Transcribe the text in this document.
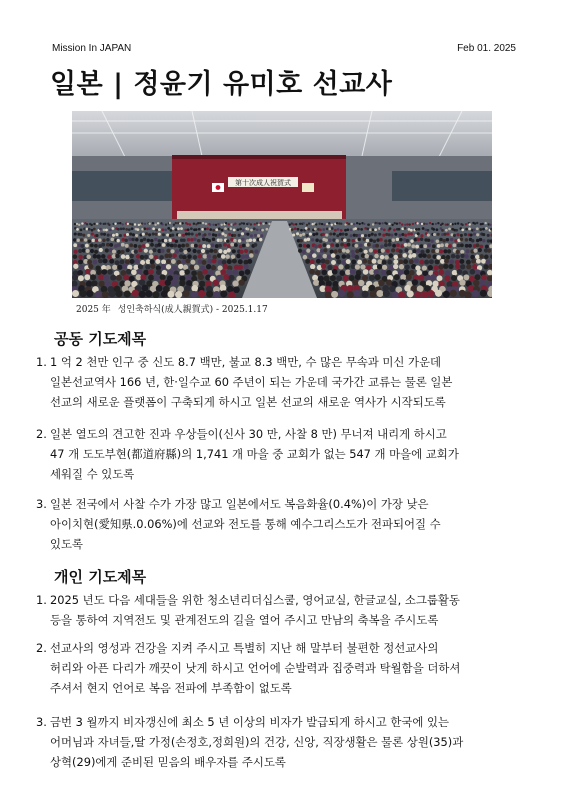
Mission In JAPAN	Feb 01. 2025
일본 | 정윤기 유미호 선교사
第十次成人祝賀式
2025 年 성인축하식(成人親賀式) - 2025.1.17
공동 기도제목
1. 1 억 2 천만 인구 중 신도 8.7 백만, 불교 8.3 백만, 수 많은 무속과 미신 가운데
일본선교역사 166 년, 한·일수교 60 주년이 되는 가운데 국가간 교류는 물론 일본
선교의 새로운 플랫폼이 구축되게 하시고 일본 선교의 새로운 역사가 시작되도록
2. 일본 열도의 견고한 진과 우상들이(신사 30 만, 사찰 8 만) 무너져 내리게 하시고
47 개 도도부현(都道府縣)의 1,741 개 마을 중 교회가 없는 547 개 마을에 교회가
세워질 수 있도록
3. 일본 전국에서 사찰 수가 가장 많고 일본에서도 복음화율(0.4%)이 가장 낮은
아이치현(愛知県.0.06%)에 선교와 전도를 통해 예수그리스도가 전파되어질 수
있도록
개인 기도제목
1. 2025 년도 다음 세대들을 위한 청소년리더십스쿨, 영어교실, 한글교실, 소그룹활동
등을 통하여 지역전도 및 관계전도의 길을 열어 주시고 만남의 축복을 주시도록
2. 선교사의 영성과 건강을 지켜 주시고 특별히 지난 해 말부터 불편한 정선교사의
허리와 아픈 다리가 깨끗이 낫게 하시고 언어에 순발력과 집중력과 탁월함을 더하셔
주셔서 현지 언어로 복음 전파에 부족함이 없도록
3. 금번 3 월까지 비자갱신에 최소 5 년 이상의 비자가 발급되게 하시고 한국에 있는
어머님과 자녀들,딸 가정(손정호,정희원)의 건강, 신앙, 직장생활은 물론 상원(35)과
상혁(29)에게 준비된 믿음의 배우자를 주시도록
